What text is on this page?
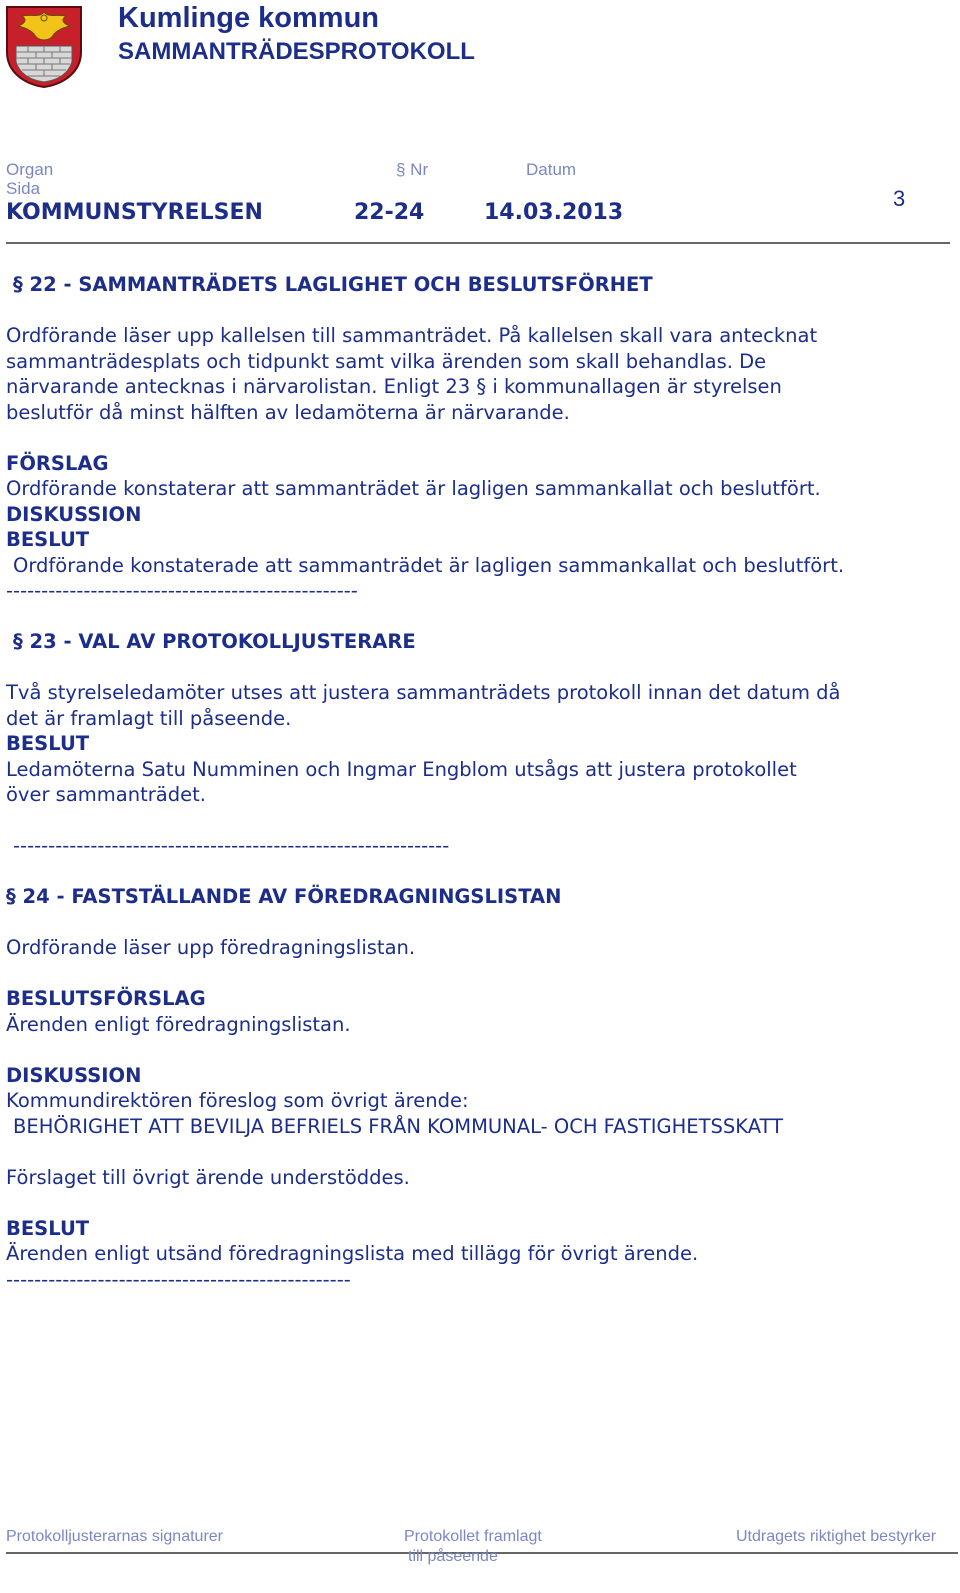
Kumlinge kommun
SAMMANTRÄDESPROTOKOLL
Organ
Sida
§ Nr	Datum
KOMMUNSTYRELSEN	22-24	14.03.2013
3

§ 22 - SAMMANTRÄDETS LAGLIGHET OCH BESLUTSFÖRHET

Ordförande läser upp kallelsen till sammanträdet. På kallelsen skall vara antecknat

sammanträdesplats och tidpunkt samt vilka ärenden som skall behandlas. De

närvarande antecknas i närvarolistan. Enligt 23 § i kommunallagen är styrelsen

beslutför då minst hälften av ledamöterna är närvarande.

FÖRSLAG

Ordförande konstaterar att sammanträdet är lagligen sammankallat och beslutfört.

DISKUSSION

BESLUT

Ordförande konstaterade att sammanträdet är lagligen sammankallat och beslutfört.

--------------------------------------------------

§ 23 - VAL AV PROTOKOLLJUSTERARE

Två styrelseledamöter utses att justera sammanträdets protokoll innan det datum då

det är framlagt till påseende.

BESLUT

Ledamöterna Satu Numminen och Ingmar Engblom utsågs att justera protokollet

över sammanträdet.

--------------------------------------------------------------

§ 24 - FASTSTÄLLANDE AV FÖREDRAGNINGSLISTAN

Ordförande läser upp föredragningslistan.

BESLUTSFÖRSLAG

Ärenden enligt föredragningslistan.

DISKUSSION

Kommundirektören föreslog som övrigt ärende:

BEHÖRIGHET ATT BEVILJA BEFRIELS FRÅN KOMMUNAL- OCH FASTIGHETSSKATT

Förslaget till övrigt ärende understöddes.

BESLUT

Ärenden enligt utsänd föredragningslista med tillägg för övrigt ärende.

-------------------------------------------------

Protokolljusterarnas signaturer	Protokollet framlagt
till påseende
Utdragets riktighet bestyrker
